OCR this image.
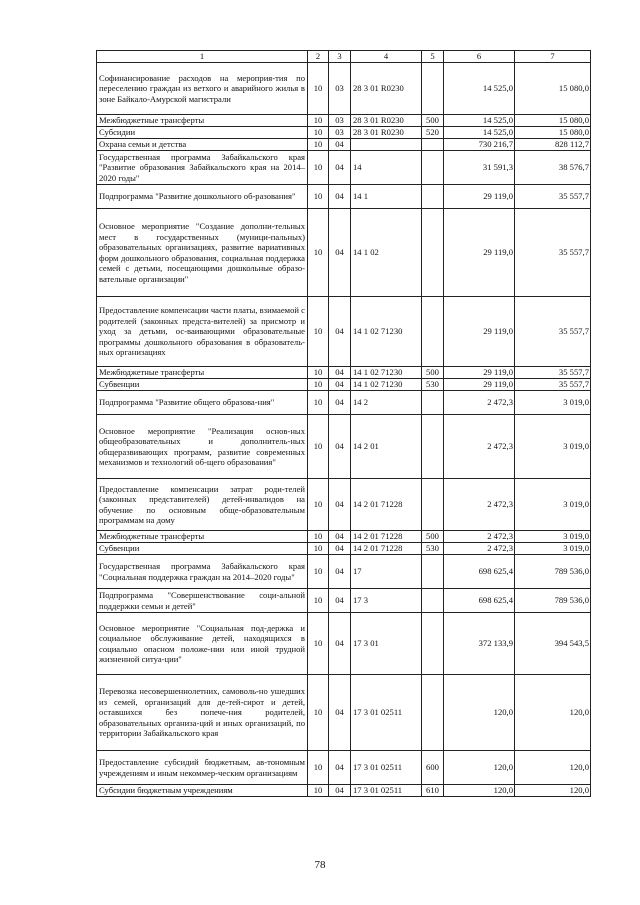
1	2	3	4	5	6	7
Софинансирование расходов на мероприя-тия по переселению граждан из ветхого и аварийного жилья в зоне Байкало-Амурской магистрали	10	03	28 3 01 R0230		14 525,0	15 080,0
Межбюджетные трансферты	10	03	28 3 01 R0230	500	14 525,0	15 080,0
Субсидии	10	03	28 3 01 R0230	520	14 525,0	15 080,0
Охрана семьи и детства	10	04			730 216,7	828 112,7
Государственная программа Забайкальского края "Развитие образования Забайкальского края на 2014–2020 годы"	10	04	14		31 591,3	38 576,7
Подпрограмма "Развитие дошкольного об-разования"	10	04	14 1		29 119,0	35 557,7
Основное мероприятие "Создание дополни-тельных мест в государственных (муници-пальных) образовательных организациях, развитие вариативных форм дошкольного образования, социальная поддержка семей с детьми, посещающими дошкольные образо-вательные организации"	10	04	14 1 02		29 119,0	35 557,7
Предоставление компенсации части платы, взимаемой с родителей (законных предста-вителей) за присмотр и уход за детьми, ос-ваивающими образовательные программы дошкольного образования в образователь-ных организациях	10	04	14 1 02 71230		29 119,0	35 557,7
Межбюджетные трансферты	10	04	14 1 02 71230	500	29 119,0	35 557,7
Субвенции	10	04	14 1 02 71230	530	29 119,0	35 557,7
Подпрограмма "Развитие общего образова-ния"	10	04	14 2		2 472,3	3 019,0
Основное мероприятие "Реализация основ-ных общеобразовательных и дополнитель-ных общеразвивающих программ, развитие современных механизмов и технологий об-щего образования"	10	04	14 2 01		2 472,3	3 019,0
Предоставление компенсации затрат роди-телей (законных представителей) детей-инвалидов на обучение по основным обще-образовательным программам на дому	10	04	14 2 01 71228		2 472,3	3 019,0
Межбюджетные трансферты	10	04	14 2 01 71228	500	2 472,3	3 019,0
Субвенции	10	04	14 2 01 71228	530	2 472,3	3 019,0
Государственная программа Забайкальского края "Социальная поддержка граждан на 2014–2020 годы"	10	04	17		698 625,4	789 536,0
Подпрограмма "Совершенствование соци-альной поддержки семьи и детей"	10	04	17 3		698 625,4	789 536,0
Основное мероприятие "Социальная под-держка и социальное обслуживание детей, находящихся в социально опасном положе-нии или иной трудной жизненной ситуа-ции"	10	04	17 3 01		372 133,9	394 543,5
Перевозка несовершеннолетних, самоволь-но ушедших из семей, организаций для де-тей-сирот и детей, оставшихся без попече-ния родителей, образовательных организа-ций и иных организаций, по территории Забайкальского края	10	04	17 3 01 02511		120,0	120,0
Предоставление субсидий бюджетным, ав-тономным учреждениям и иным некоммер-ческим организациям	10	04	17 3 01 02511	600	120,0	120,0
Субсидии бюджетным учреждениям	10	04	17 3 01 02511	610	120,0	120,0
78
